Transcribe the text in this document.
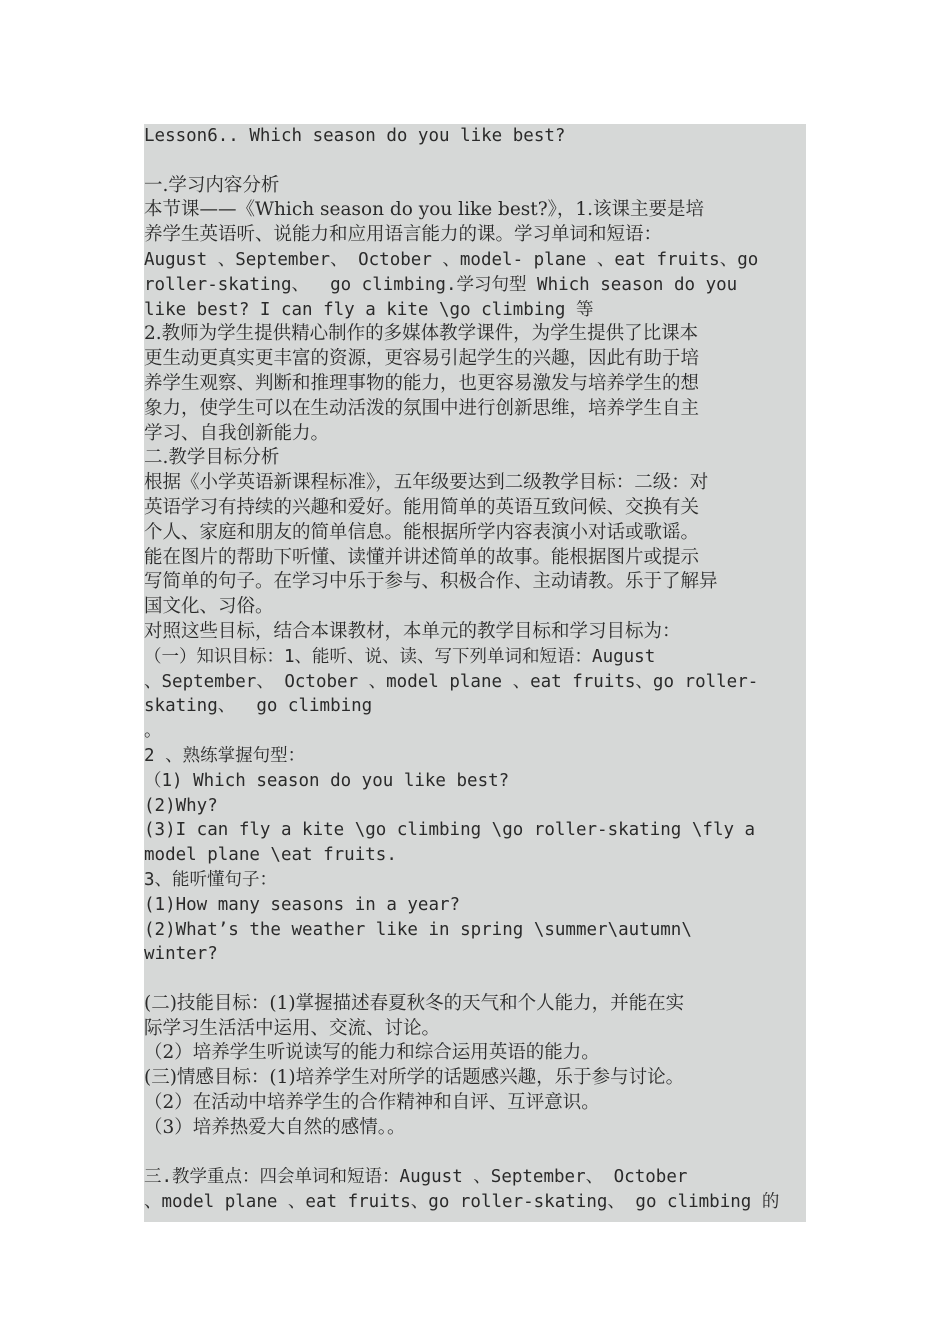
Lesson6.. Which season do you like best?
一.学习内容分析
本节课——《Which season do you like best?》，1.该课主要是培
养学生英语听、说能力和应用语言能力的课。学习单词和短语：
August 、September、 October 、model- plane 、eat fruits、go
roller-skating、  go climbing.学习句型 Which season do you
like best? I can fly a kite \go climbing 等
2.教师为学生提供精心制作的多媒体教学课件，为学生提供了比课本
更生动更真实更丰富的资源，更容易引起学生的兴趣，因此有助于培
养学生观察、判断和推理事物的能力，也更容易激发与培养学生的想
象力，使学生可以在生动活泼的氛围中进行创新思维，培养学生自主
学习、自我创新能力。
二.教学目标分析
根据《小学英语新课程标准》，五年级要达到二级教学目标：二级：对
英语学习有持续的兴趣和爱好。能用简单的英语互致问候、交换有关
个人、家庭和朋友的简单信息。能根据所学内容表演小对话或歌谣。
能在图片的帮助下听懂、读懂并讲述简单的故事。能根据图片或提示
写简单的句子。在学习中乐于参与、积极合作、主动请教。乐于了解异
国文化、习俗。
对照这些目标，结合本课教材，本单元的教学目标和学习目标为：
（一）知识目标：1、能听、说、读、写下列单词和短语：August
、September、 October 、model plane 、eat fruits、go roller-
skating、  go climbing
。
2 、熟练掌握句型：
（1) Which season do you like best?
(2)Why?
(3)I can fly a kite \go climbing \go roller-skating \fly a
model plane \eat fruits.
3、能听懂句子：
(1)How many seasons in a year?
(2)What’s the weather like in spring \summer\autumn\
winter?
(二)技能目标：(1)掌握描述春夏秋冬的天气和个人能力，并能在实
际学习生活活中运用、交流、讨论。
（2）培养学生听说读写的能力和综合运用英语的能力。
(三)情感目标：(1)培养学生对所学的话题感兴趣，乐于参与讨论。
（2）在活动中培养学生的合作精神和自评、互评意识。
（3）培养热爱大自然的感情。。
三.教学重点：四会单词和短语：August 、September、 October
、model plane 、eat fruits、go roller-skating、 go climbing 的
